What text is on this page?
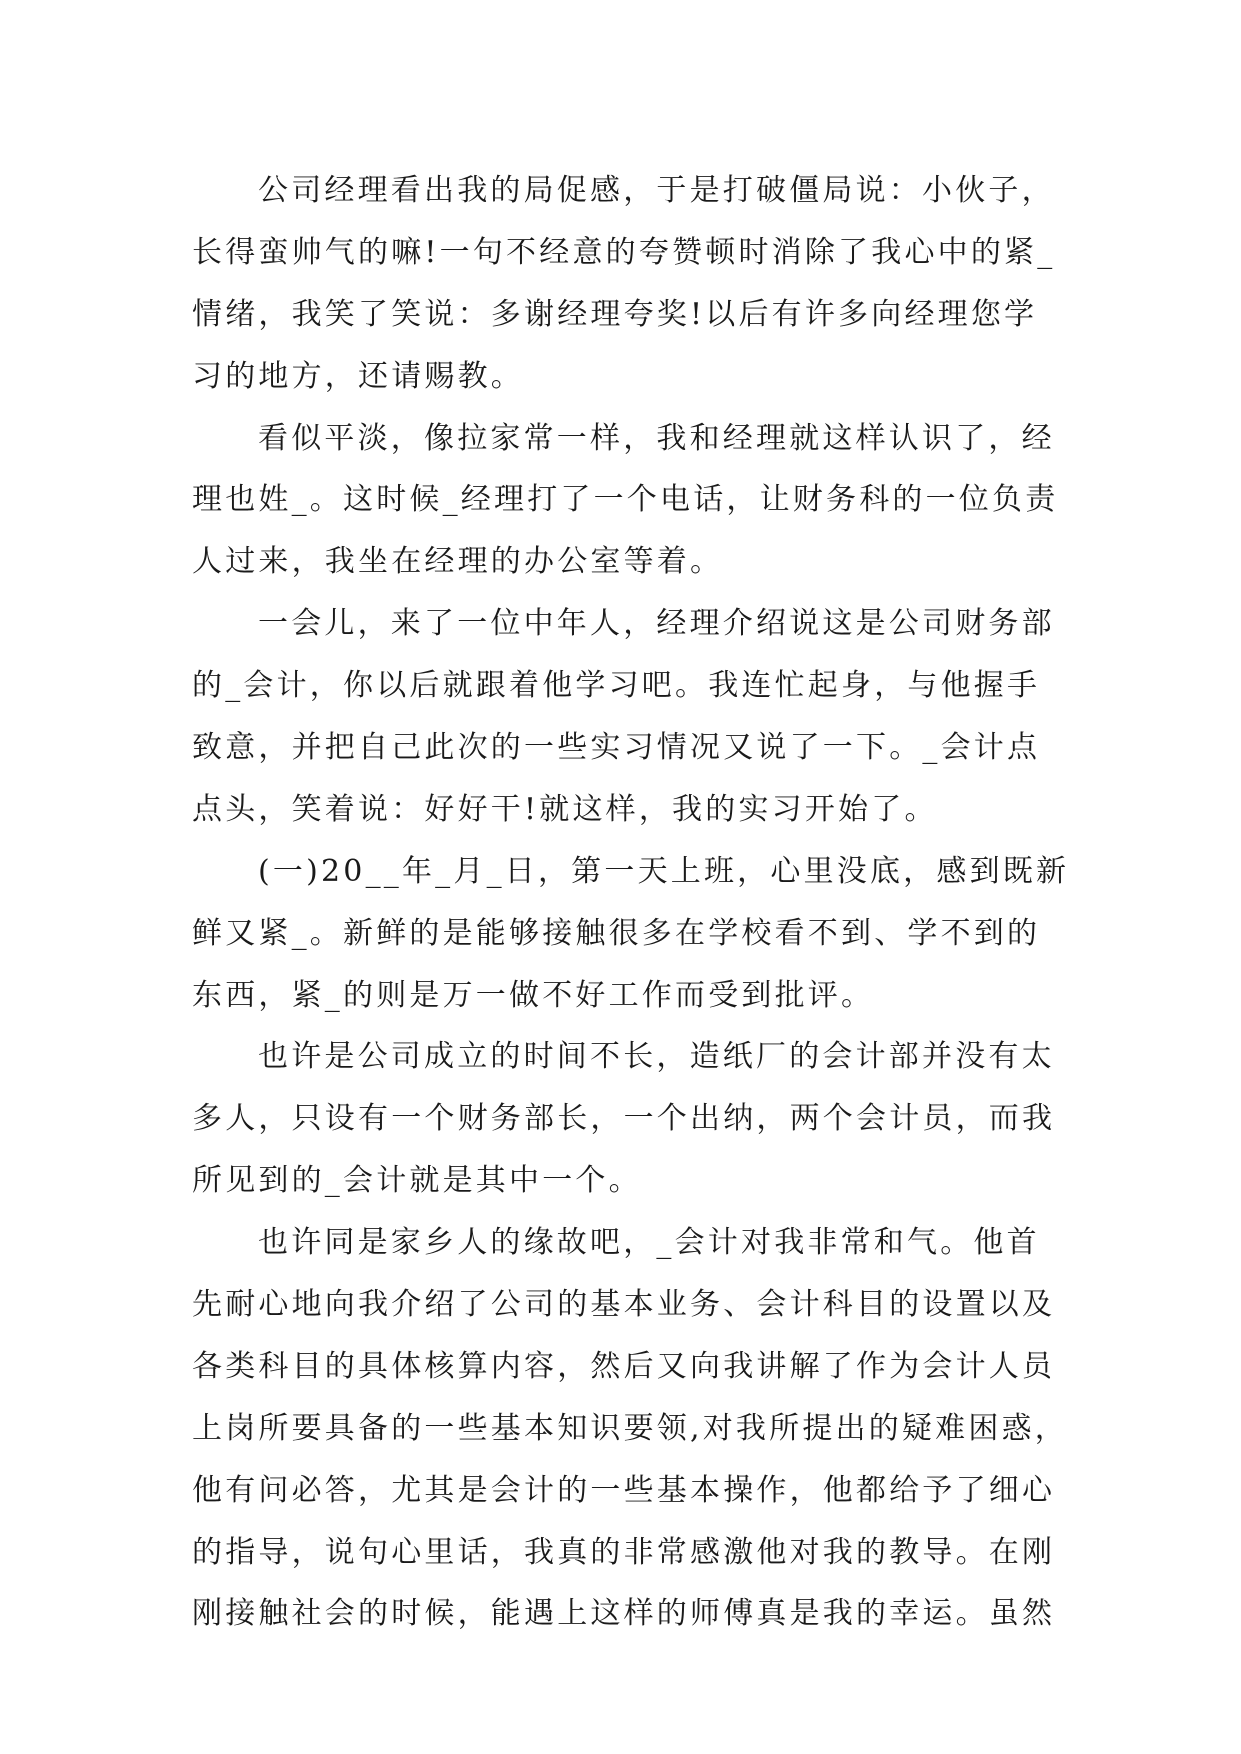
公司经理看出我的局促感，于是打破僵局说：小伙子，
长得蛮帅气的嘛!一句不经意的夸赞顿时消除了我心中的紧_
情绪，我笑了笑说：多谢经理夸奖!以后有许多向经理您学
习的地方，还请赐教。
看似平淡，像拉家常一样，我和经理就这样认识了，经
理也姓_。这时候_经理打了一个电话，让财务科的一位负责
人过来，我坐在经理的办公室等着。
一会儿，来了一位中年人，经理介绍说这是公司财务部
的_会计，你以后就跟着他学习吧。我连忙起身，与他握手
致意，并把自己此次的一些实习情况又说了一下。_会计点
点头，笑着说：好好干!就这样，我的实习开始了。
(一)20__年_月_日，第一天上班，心里没底，感到既新
鲜又紧_。新鲜的是能够接触很多在学校看不到、学不到的
东西，紧_的则是万一做不好工作而受到批评。
也许是公司成立的时间不长，造纸厂的会计部并没有太
多人，只设有一个财务部长，一个出纳，两个会计员，而我
所见到的_会计就是其中一个。
也许同是家乡人的缘故吧，_会计对我非常和气。他首
先耐心地向我介绍了公司的基本业务、会计科目的设置以及
各类科目的具体核算内容，然后又向我讲解了作为会计人员
上岗所要具备的一些基本知识要领,对我所提出的疑难困惑，
他有问必答，尤其是会计的一些基本操作，他都给予了细心
的指导，说句心里话，我真的非常感激他对我的教导。在刚
刚接触社会的时候，能遇上这样的师傅真是我的幸运。虽然
